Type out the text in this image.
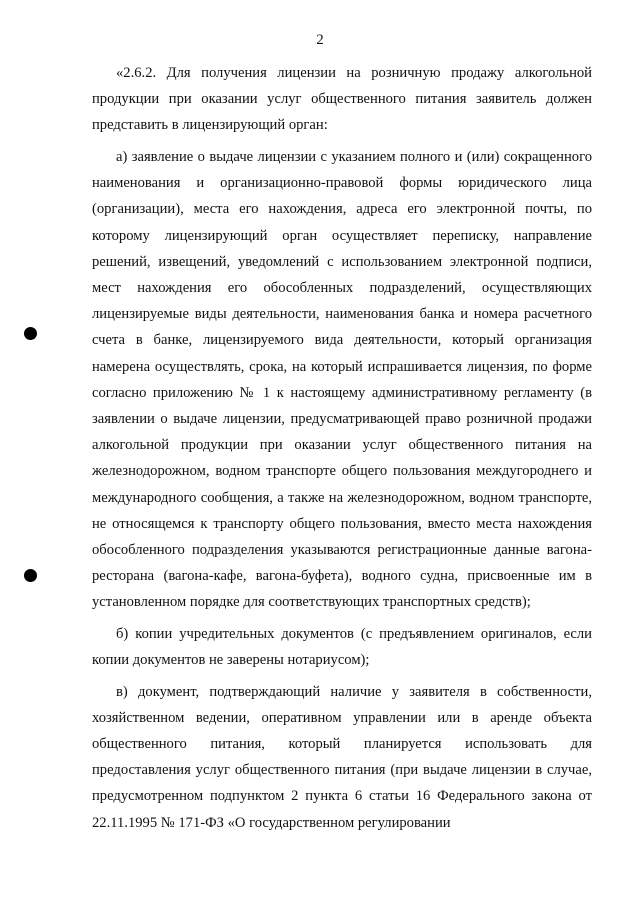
2

«2.6.2. Для получения лицензии на розничную продажу алкогольной продукции при оказании услуг общественного питания заявитель должен представить в лицензирующий орган:

а) заявление о выдаче лицензии с указанием полного и (или) сокращенного наименования и организационно-правовой формы юридического лица (организации), места его нахождения, адреса его электронной почты, по которому лицензирующий орган осуществляет переписку, направление решений, извещений, уведомлений с использованием электронной подписи, мест нахождения его обособленных подразделений, осуществляющих лицензируемые виды деятельности, наименования банка и номера расчетного счета в банке, лицензируемого вида деятельности, который организация намерена осуществлять, срока, на который испрашивается лицензия, по форме согласно приложению № 1 к настоящему административному регламенту (в заявлении о выдаче лицензии, предусматривающей право розничной продажи алкогольной продукции при оказании услуг общественного питания на железнодорожном, водном транспорте общего пользования междугороднего и международного сообщения, а также на железнодорожном, водном транспорте, не относящемся к транспорту общего пользования, вместо места нахождения обособленного подразделения указываются регистрационные данные вагона-ресторана (вагона-кафе, вагона-буфета), водного судна, присвоенные им в установленном порядке для соответствующих транспортных средств);

б) копии учредительных документов (с предъявлением оригиналов, если копии документов не заверены нотариусом);

в) документ, подтверждающий наличие у заявителя в собственности, хозяйственном ведении, оперативном управлении или в аренде объекта общественного питания, который планируется использовать для предоставления услуг общественного питания (при выдаче лицензии в случае, предусмотренном подпунктом 2 пункта 6 статьи 16 Федерального закона от 22.11.1995 № 171-ФЗ «О государственном регулировании
